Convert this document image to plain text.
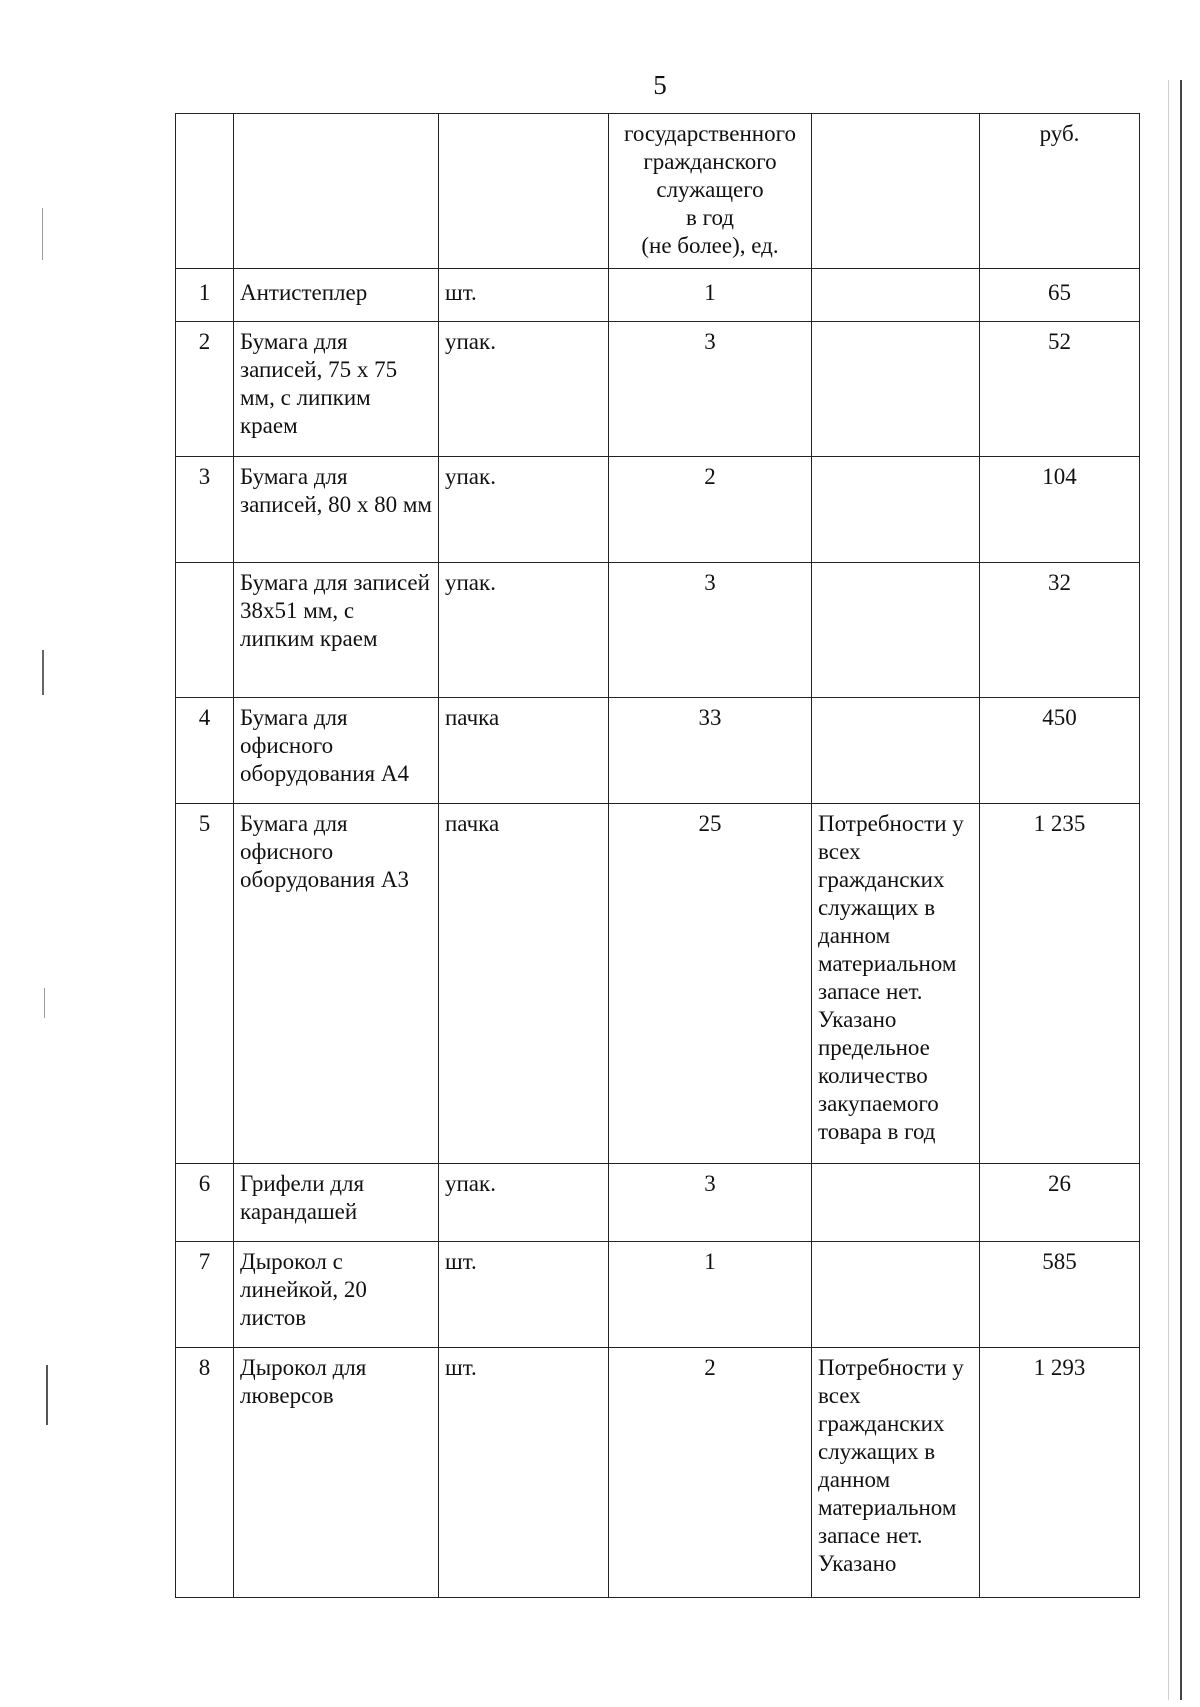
5
			государственного
гражданского
служащего
в год
(не более), ед.		руб.
1	Антистеплер	шт.	1		65
2	Бумага для записей, 75 х 75 мм, с липким краем	упак.	3		52
3	Бумага для записей, 80 х 80 мм	упак.	2		104
	Бумага для записей 38х51 мм, с липким краем	упак.	3		32
4	Бумага для офисного оборудования А4	пачка	33		450
5	Бумага для офисного оборудования А3	пачка	25	Потребности у всех гражданских служащих в данном материальном запасе нет. Указано предельное количество закупаемого товара в год	1 235
6	Грифели для карандашей	упак.	3		26
7	Дырокол с линейкой, 20 листов	шт.	1		585
8	Дырокол для люверсов	шт.	2	Потребности у всех гражданских служащих в данном материальном запасе нет. Указано	1 293
